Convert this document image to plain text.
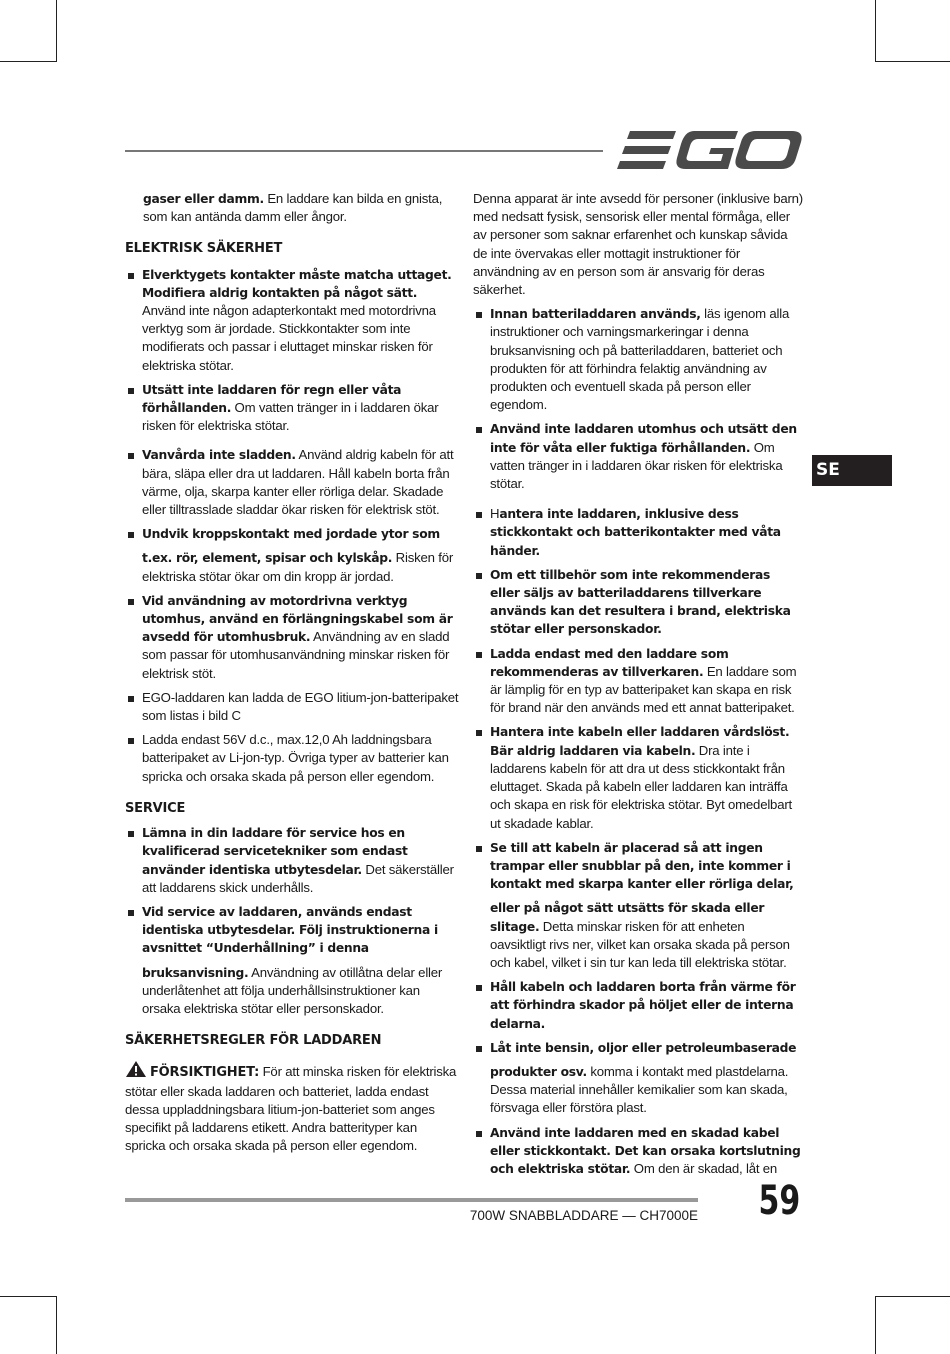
gaser eller damm. En laddare kan bilda en gnista, som kan antända damm eller ångor.

ELEKTRISK SÄKERHET

Elverktygets kontakter måste matcha uttaget. Modifiera aldrig kontakten på något sätt. Använd inte någon adapterkontakt med motordrivna verktyg som är jordade. Stickkontakter som inte modifierats och passar i eluttaget minskar risken för elektriska stötar.
Utsätt inte laddaren för regn eller våta förhållanden. Om vatten tränger in i laddaren ökar risken för elektriska stötar.
Vanvårda inte sladden. Använd aldrig kabeln för att bära, släpa eller dra ut laddaren. Håll kabeln borta från värme, olja, skarpa kanter eller rörliga delar. Skadade eller tilltrasslade sladdar ökar risken för elektrisk stöt.
Undvik kroppskontakt med jordade ytor som

t.ex. rör, element, spisar och kylskåp. Risken för elektriska stötar ökar om din kropp är jordad.
Vid användning av motordrivna verktyg utomhus, använd en förlängningskabel som är avsedd för utomhusbruk. Användning av en sladd som passar för utomhusanvändning minskar risken för elektrisk stöt.
EGO-laddaren kan ladda de EGO litium-jon-batteripaket som listas i bild C
Ladda endast 56V d.c., max.12,0 Ah laddningsbara batteripaket av Li-jon-typ. Övriga typer av batterier kan spricka och orsaka skada på person eller egendom.

SERVICE

Lämna in din laddare för service hos en kvalificerad servicetekniker som endast använder identiska utbytesdelar. Det säkerställer att laddarens skick underhålls.
Vid service av laddaren, används endast identiska utbytesdelar. Följ instruktionerna i avsnittet “Underhållning” i denna

bruksanvisning. Användning av otillåtna delar eller underlåtenhet att följa underhållsinstruktioner kan orsaka elektriska stötar eller personskador.

SÄKERHETSREGLER FÖR LADDAREN

FÖRSIKTIGHET: För att minska risken för elektriska stötar eller skada laddaren och batteriet, ladda endast dessa uppladdningsbara litium-jon-batteriet som anges specifikt på laddarens etikett. Andra batterityper kan spricka och orsaka skada på person eller egendom.

Denna apparat är inte avsedd för personer (inklusive barn) med nedsatt fysisk, sensorisk eller mental förmåga, eller av personer som saknar erfarenhet och kunskap såvida de inte övervakas eller mottagit instruktioner för användning av en person som är ansvarig för deras säkerhet.

Innan batteriladdaren används, läs igenom alla instruktioner och varningsmarkeringar i denna bruksanvisning och på batteriladdaren, batteriet och produkten för att förhindra felaktig användning av produkten och eventuell skada på person eller egendom.
Använd inte laddaren utomhus och utsätt den inte för våta eller fuktiga förhållanden. Om vatten tränger in i laddaren ökar risken för elektriska stötar.
Hantera inte laddaren, inklusive dess stickkontakt och batterikontakter med våta händer.
Om ett tillbehör som inte rekommenderas eller säljs av batteriladdarens tillverkare används kan det resultera i brand, elektriska stötar eller personskador.
Ladda endast med den laddare som rekommenderas av tillverkaren. En laddare som är lämplig för en typ av batteripaket kan skapa en risk för brand när den används med ett annat batteripaket.
Hantera inte kabeln eller laddaren vårdslöst. Bär aldrig laddaren via kabeln. Dra inte i laddarens kabeln för att dra ut dess stickkontakt från eluttaget. Skada på kabeln eller laddaren kan inträffa och skapa en risk för elektriska stötar. Byt omedelbart ut skadade kablar.
Se till att kabeln är placerad så att ingen trampar eller snubblar på den, inte kommer i kontakt med skarpa kanter eller rörliga delar,

eller på något sätt utsätts för skada eller slitage. Detta minskar risken för att enheten oavsiktligt rivs ner, vilket kan orsaka skada på person och kabel, vilket i sin tur kan leda till elektriska stötar.
Håll kabeln och laddaren borta från värme för att förhindra skador på höljet eller de interna delarna.
Låt inte bensin, oljor eller petroleumbaserade

produkter osv. komma i kontakt med plastdelarna. Dessa material innehåller kemikalier som kan skada, försvaga eller förstöra plast.
Använd inte laddaren med en skadad kabel eller stickkontakt. Det kan orsaka kortslutning och elektriska stötar. Om den är skadad, låt en
SE
700W SNABBLADDARE — CH7000E 59
